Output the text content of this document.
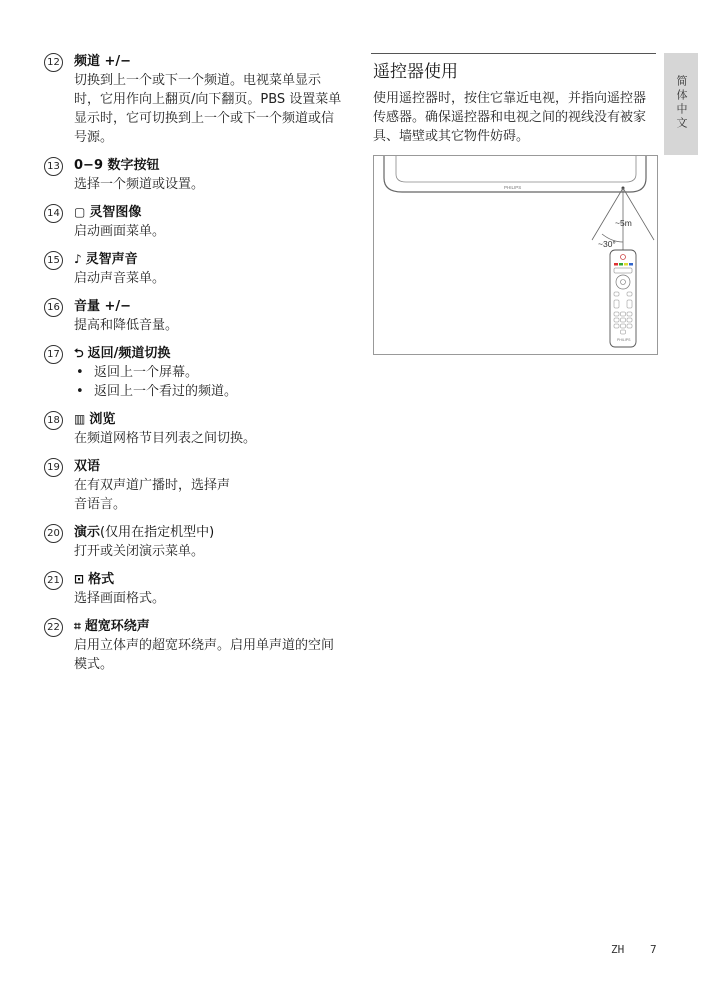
12 频道 +/−
切换到上一个或下一个频道。电视菜单显示时，它用作向上翻页/向下翻页。PBS 设置菜单显示时，它可切换到上一个或下一个频道或信号源。
13 0−9 数字按钮
选择一个频道或设置。
14 ▢ 灵智图像
启动画面菜单。
15 ♪ 灵智声音
启动声音菜单。
16 音量 +/−
提高和降低音量。
17 ⮌ 返回/频道切换
• 返回上一个屏幕。
• 返回上一个看过的频道。
18 ▥ 浏览
在频道网格节目列表之间切换。
19 双语
在有双声道广播时，选择声音语言。
20 演示(仅用在指定机型中)
打开或关闭演示菜单。
21 ⊡ 格式
选择画面格式。
22 ⌗ 超宽环绕声
启用立体声的超宽环绕声。启用单声道的空间模式。
遥控器使用
使用遥控器时，按住它靠近电视，并指向遥控器传感器。确保遥控器和电视之间的视线没有被家具、墙壁或其它物件妨碍。
简体中文
PHILIPS
~5m
~30°
PHILIPS
ZH 7
